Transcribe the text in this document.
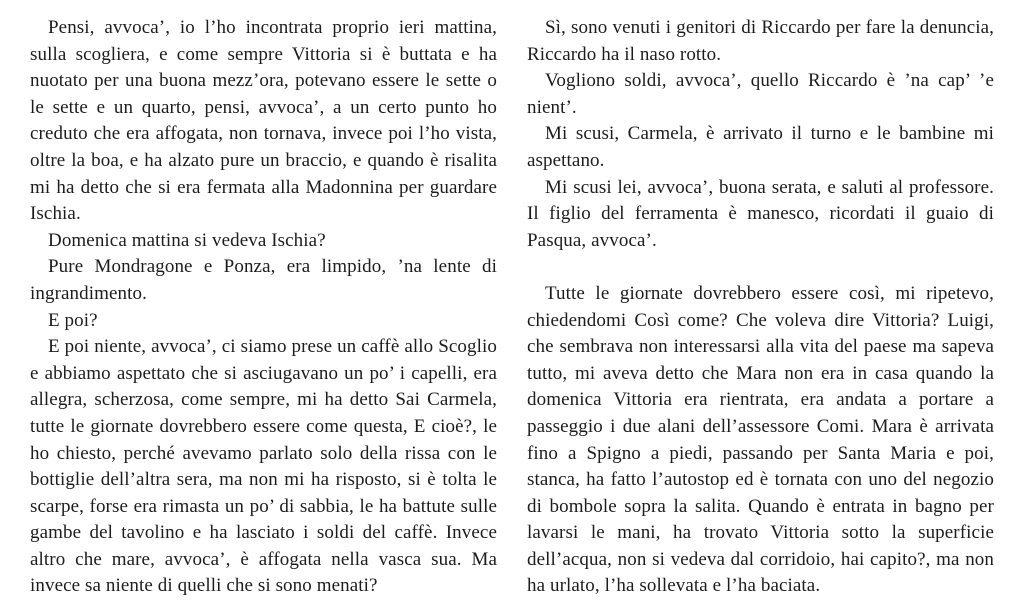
Pensi, avvoca’, io l’ho incontrata proprio ieri mattina, sulla scogliera, e come sempre Vittoria si è buttata e ha nuotato per una buona mezz’ora, potevano essere le sette o le sette e un quarto, pensi, avvoca’, a un certo punto ho creduto che era affogata, non tornava, invece poi l’ho vista, oltre la boa, e ha alzato pure un braccio, e quando è risalita mi ha detto che si era fermata alla Madonnina per guardare Ischia.

Domenica mattina si vedeva Ischia?

Pure Mondragone e Ponza, era limpido, ’na lente di ingrandimento.

E poi?

E poi niente, avvoca’, ci siamo prese un caffè allo Scoglio e abbiamo aspettato che si asciugavano un po’ i capelli, era allegra, scherzosa, come sempre, mi ha detto Sai Carmela, tutte le giornate dovrebbero essere come questa, E cioè?, le ho chiesto, perché avevamo parlato solo della rissa con le bottiglie dell’altra sera, ma non mi ha risposto, si è tolta le scarpe, forse era rimasta un po’ di sabbia, le ha battute sulle gambe del tavolino e ha lasciato i soldi del caffè. Invece altro che mare, avvoca’, è affogata nella vasca sua. Ma invece sa niente di quelli che si sono menati?

Sì, sono venuti i genitori di Riccardo per fare la denuncia, Riccardo ha il naso rotto.

Vogliono soldi, avvoca’, quello Riccardo è ’na cap’ ’e nient’.

Mi scusi, Carmela, è arrivato il turno e le bambine mi aspettano.

Mi scusi lei, avvoca’, buona serata, e saluti al professore. Il figlio del ferramenta è manesco, ricordati il guaio di Pasqua, avvoca’.

Tutte le giornate dovrebbero essere così, mi ripetevo, chiedendomi Così come? Che voleva dire Vittoria? Luigi, che sembrava non interessarsi alla vita del paese ma sapeva tutto, mi aveva detto che Mara non era in casa quando la domenica Vittoria era rientrata, era andata a portare a passeggio i due alani dell’assessore Comi. Mara è arrivata fino a Spigno a piedi, passando per Santa Maria e poi, stanca, ha fatto l’autostop ed è tornata con uno del negozio di bombole sopra la salita. Quando è entrata in bagno per lavarsi le mani, ha trovato Vittoria sotto la superficie dell’acqua, non si vedeva dal corridoio, hai capito?, ma non ha urlato, l’ha sollevata e l’ha baciata.
